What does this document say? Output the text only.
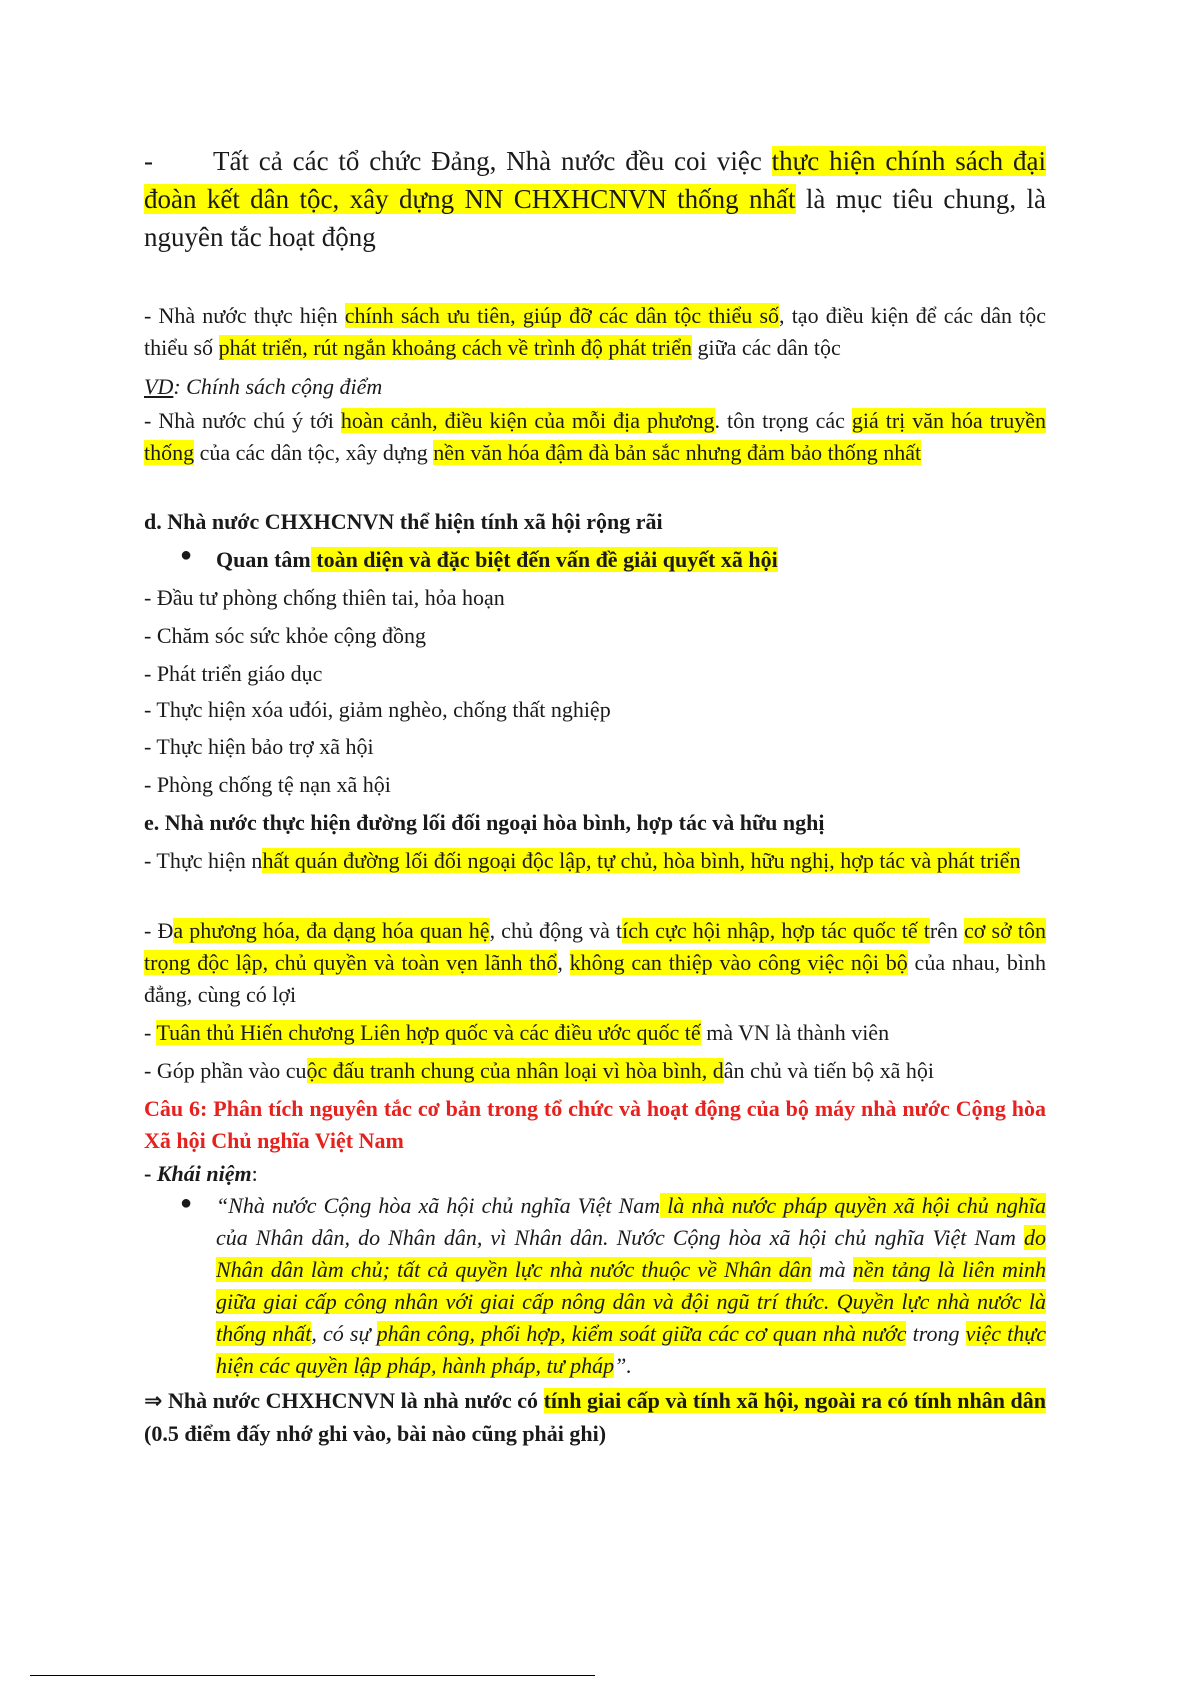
- Tất cả các tổ chức Đảng, Nhà nước đều coi việc thực hiện chính sách đại đoàn kết dân tộc, xây dựng NN CHXHCNVN thống nhất là mục tiêu chung, là nguyên tắc hoạt động
- Nhà nước thực hiện chính sách ưu tiên, giúp đỡ các dân tộc thiểu số, tạo điều kiện để các dân tộc thiểu số phát triển, rút ngắn khoảng cách về trình độ phát triển giữa các dân tộc
VD: Chính sách cộng điểm
- Nhà nước chú ý tới hoàn cảnh, điều kiện của mỗi địa phương. tôn trọng các giá trị văn hóa truyền thống của các dân tộc, xây dựng nền văn hóa đậm đà bản sắc nhưng đảm bảo thống nhất
d. Nhà nước CHXHCNVN thể hiện tính xã hội rộng rãi
● Quan tâm toàn diện và đặc biệt đến vấn đề giải quyết xã hội
- Đầu tư phòng chống thiên tai, hỏa hoạn
- Chăm sóc sức khỏe cộng đồng
- Phát triển giáo dục
- Thực hiện xóa uđói, giảm nghèo, chống thất nghiệp
- Thực hiện bảo trợ xã hội
- Phòng chống tệ nạn xã hội
e. Nhà nước thực hiện đường lối đối ngoại hòa bình, hợp tác và hữu nghị
- Thực hiện nhất quán đường lối đối ngoại độc lập, tự chủ, hòa bình, hữu nghị, hợp tác và phát triển
- Đa phương hóa, đa dạng hóa quan hệ, chủ động và tích cực hội nhập, hợp tác quốc tế trên cơ sở tôn trọng độc lập, chủ quyền và toàn vẹn lãnh thổ, không can thiệp vào công việc nội bộ của nhau, bình đẳng, cùng có lợi
- Tuân thủ Hiến chương Liên hợp quốc và các điều ước quốc tế mà VN là thành viên
- Góp phần vào cuộc đấu tranh chung của nhân loại vì hòa bình, dân chủ và tiến bộ xã hội
Câu 6: Phân tích nguyên tắc cơ bản trong tổ chức và hoạt động của bộ máy nhà nước Cộng hòa Xã hội Chủ nghĩa Việt Nam
- Khái niệm:
● “Nhà nước Cộng hòa xã hội chủ nghĩa Việt Nam là nhà nước pháp quyền xã hội chủ nghĩa của Nhân dân, do Nhân dân, vì Nhân dân. Nước Cộng hòa xã hội chủ nghĩa Việt Nam do Nhân dân làm chủ; tất cả quyền lực nhà nước thuộc về Nhân dân mà nền tảng là liên minh giữa giai cấp công nhân với giai cấp nông dân và đội ngũ trí thức. Quyền lực nhà nước là thống nhất, có sự phân công, phối hợp, kiểm soát giữa các cơ quan nhà nước trong việc thực hiện các quyền lập pháp, hành pháp, tư pháp”.
⇒ Nhà nước CHXHCNVN là nhà nước có tính giai cấp và tính xã hội, ngoài ra có tính nhân dân (0.5 điểm đấy nhớ ghi vào, bài nào cũng phải ghi)
